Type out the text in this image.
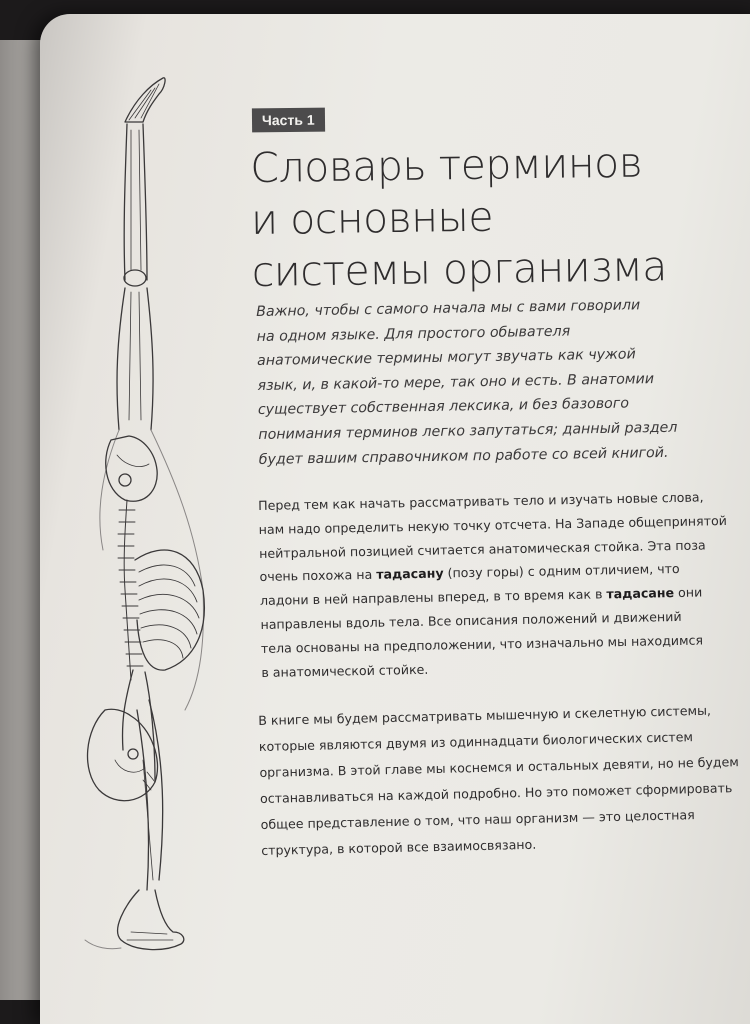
Часть 1
Словарь терминов
и основные
системы организма
Важно, чтобы с самого начала мы с вами говорили
на одном языке. Для простого обывателя
анатомические термины могут звучать как чужой
язык, и, в какой-то мере, так оно и есть. В анатомии
существует собственная лексика, и без базового
понимания терминов легко запутаться; данный раздел
будет вашим справочником по работе со всей книгой.
Перед тем как начать рассматривать тело и изучать новые слова,
нам надо определить некую точку отсчета. На Западе общепринятой
нейтральной позицией считается анатомическая стойка. Эта поза
очень похожа на тадасану (позу горы) с одним отличием, что
ладони в ней направлены вперед, в то время как в тадасане они
направлены вдоль тела. Все описания положений и движений
тела основаны на предположении, что изначально мы находимся
в анатомической стойке.
В книге мы будем рассматривать мышечную и скелетную системы,
которые являются двумя из одиннадцати биологических систем
организма. В этой главе мы коснемся и остальных девяти, но не будем
останавливаться на каждой подробно. Но это поможет сформировать
общее представление о том, что наш организм — это целостная
структура, в которой все взаимосвязано.
